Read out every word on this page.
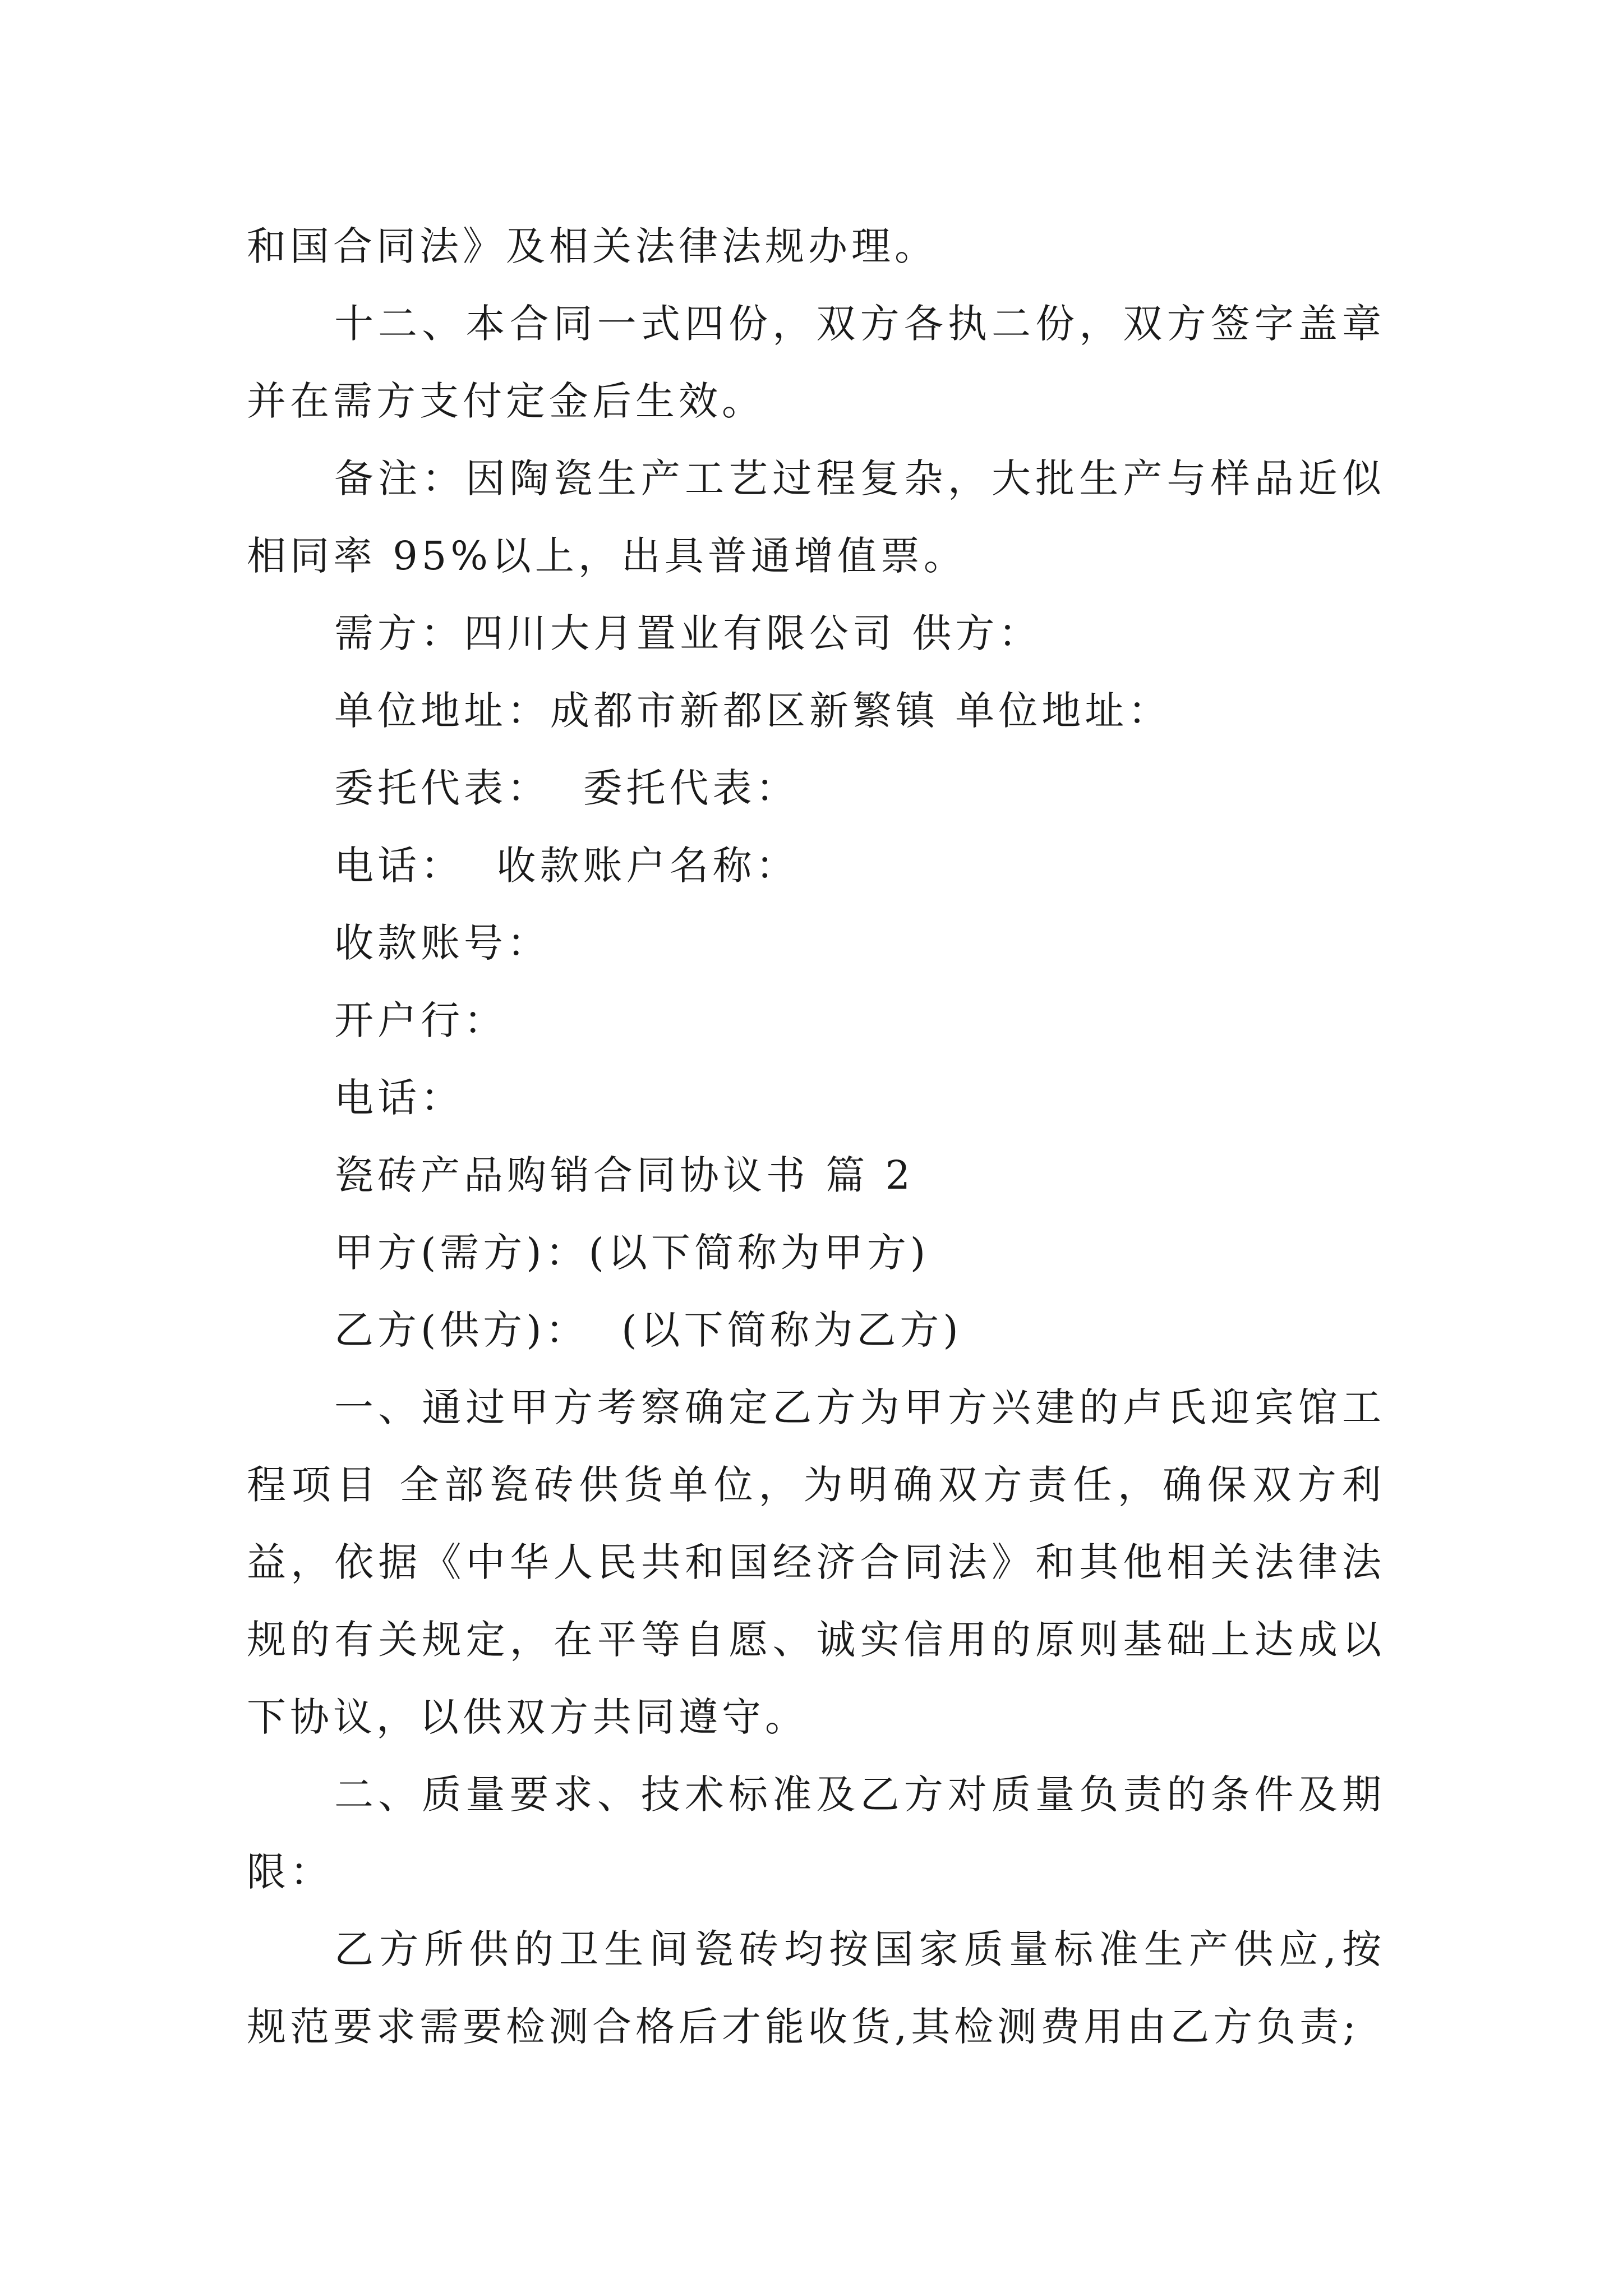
和国合同法》及相关法律法规办理。

十二、本合同一式四份，双方各执二份，双方签字盖章并在需方支付定金后生效。

备注：因陶瓷生产工艺过程复杂，大批生产与样品近似相同率 95%以上，出具普通增值票。

需方：四川大月置业有限公司 供方：

单位地址：成都市新都区新繁镇 单位地址：

委托代表：  委托代表：

电话：  收款账户名称：

收款账号：

开户行：

电话：

瓷砖产品购销合同协议书 篇 2

甲方(需方)：(以下简称为甲方)

乙方(供方)：  (以下简称为乙方)

一、通过甲方考察确定乙方为甲方兴建的卢氏迎宾馆工程项目 全部瓷砖供货单位，为明确双方责任，确保双方利益，依据《中华人民共和国经济合同法》和其他相关法律法规的有关规定，在平等自愿、诚实信用的原则基础上达成以下协议，以供双方共同遵守。

二、质量要求、技术标准及乙方对质量负责的条件及期限：

乙方所供的卫生间瓷砖均按国家质量标准生产供应,按规范要求需要检测合格后才能收货,其检测费用由乙方负责;
